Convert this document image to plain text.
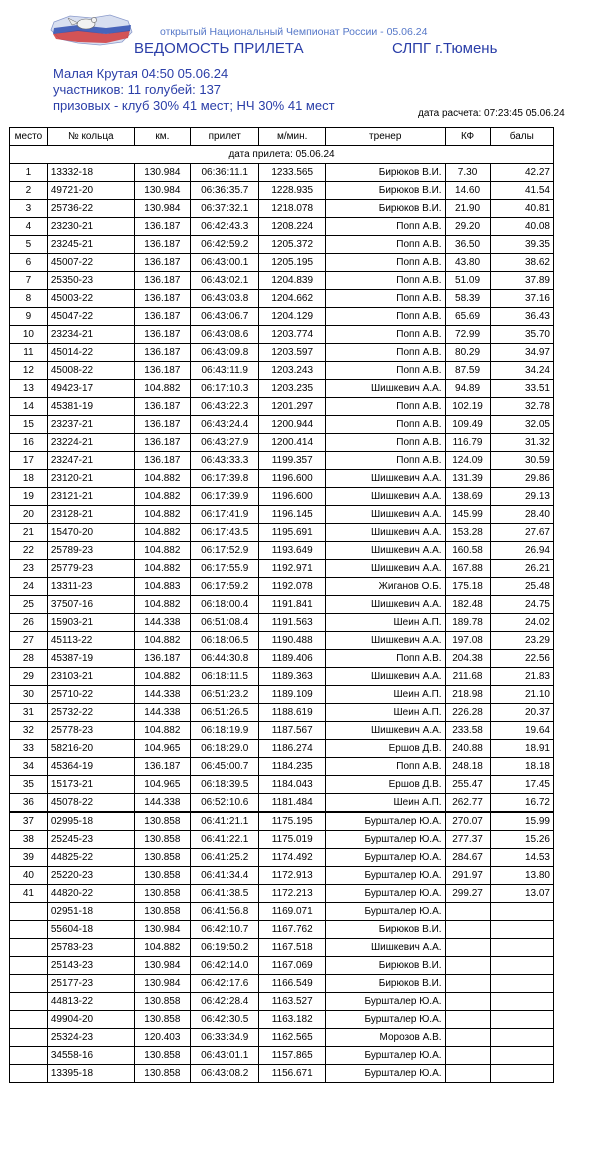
открытый Национальный Чемпионат России - 05.06.24
ВЕДОМОСТЬ ПРИЛЕТА	СЛПГ г.Тюмень
Малая Крутая 04:50 05.06.24
участников: 11 голубей: 137
призовых - клуб 30% 41 мест; НЧ 30% 41 мест
дата расчета: 07:23:45 05.06.24
место	№ кольца	км.	прилет	м/мин.	тренер	КФ	балы
дата прилета: 05.06.24							
1	13332-18	130.984	06:36:11.1	1233.565	Бирюков В.И.	7.30	42.27
2	49721-20	130.984	06:36:35.7	1228.935	Бирюков В.И.	14.60	41.54
3	25736-22	130.984	06:37:32.1	1218.078	Бирюков В.И.	21.90	40.81
4	23230-21	136.187	06:42:43.3	1208.224	Попп А.В.	29.20	40.08
5	23245-21	136.187	06:42:59.2	1205.372	Попп А.В.	36.50	39.35
6	45007-22	136.187	06:43:00.1	1205.195	Попп А.В.	43.80	38.62
7	25350-23	136.187	06:43:02.1	1204.839	Попп А.В.	51.09	37.89
8	45003-22	136.187	06:43:03.8	1204.662	Попп А.В.	58.39	37.16
9	45047-22	136.187	06:43:06.7	1204.129	Попп А.В.	65.69	36.43
10	23234-21	136.187	06:43:08.6	1203.774	Попп А.В.	72.99	35.70
11	45014-22	136.187	06:43:09.8	1203.597	Попп А.В.	80.29	34.97
12	45008-22	136.187	06:43:11.9	1203.243	Попп А.В.	87.59	34.24
13	49423-17	104.882	06:17:10.3	1203.235	Шишкевич А.А.	94.89	33.51
14	45381-19	136.187	06:43:22.3	1201.297	Попп А.В.	102.19	32.78
15	23237-21	136.187	06:43:24.4	1200.944	Попп А.В.	109.49	32.05
16	23224-21	136.187	06:43:27.9	1200.414	Попп А.В.	116.79	31.32
17	23247-21	136.187	06:43:33.3	1199.357	Попп А.В.	124.09	30.59
18	23120-21	104.882	06:17:39.8	1196.600	Шишкевич А.А.	131.39	29.86
19	23121-21	104.882	06:17:39.9	1196.600	Шишкевич А.А.	138.69	29.13
20	23128-21	104.882	06:17:41.9	1196.145	Шишкевич А.А.	145.99	28.40
21	15470-20	104.882	06:17:43.5	1195.691	Шишкевич А.А.	153.28	27.67
22	25789-23	104.882	06:17:52.9	1193.649	Шишкевич А.А.	160.58	26.94
23	25779-23	104.882	06:17:55.9	1192.971	Шишкевич А.А.	167.88	26.21
24	13311-23	104.883	06:17:59.2	1192.078	Жиганов О.Б.	175.18	25.48
25	37507-16	104.882	06:18:00.4	1191.841	Шишкевич А.А.	182.48	24.75
26	15903-21	144.338	06:51:08.4	1191.563	Шеин А.П.	189.78	24.02
27	45113-22	104.882	06:18:06.5	1190.488	Шишкевич А.А.	197.08	23.29
28	45387-19	136.187	06:44:30.8	1189.406	Попп А.В.	204.38	22.56
29	23103-21	104.882	06:18:11.5	1189.363	Шишкевич А.А.	211.68	21.83
30	25710-22	144.338	06:51:23.2	1189.109	Шеин А.П.	218.98	21.10
31	25732-22	144.338	06:51:26.5	1188.619	Шеин А.П.	226.28	20.37
32	25778-23	104.882	06:18:19.9	1187.567	Шишкевич А.А.	233.58	19.64
33	58216-20	104.965	06:18:29.0	1186.274	Ершов Д.В.	240.88	18.91
34	45364-19	136.187	06:45:00.7	1184.235	Попп А.В.	248.18	18.18
35	15173-21	104.965	06:18:39.5	1184.043	Ершов Д.В.	255.47	17.45
36	45078-22	144.338	06:52:10.6	1181.484	Шеин А.П.	262.77	16.72
37	02995-18	130.858	06:41:21.1	1175.195	Бурштaлер Ю.А.	270.07	15.99
38	25245-23	130.858	06:41:22.1	1175.019	Бурштaлер Ю.А.	277.37	15.26
39	44825-22	130.858	06:41:25.2	1174.492	Бурштaлер Ю.А.	284.67	14.53
40	25220-23	130.858	06:41:34.4	1172.913	Бурштaлер Ю.А.	291.97	13.80
41	44820-22	130.858	06:41:38.5	1172.213	Бурштaлер Ю.А.	299.27	13.07
	02951-18	130.858	06:41:56.8	1169.071	Бурштaлер Ю.А.		
	55604-18	130.984	06:42:10.7	1167.762	Бирюков В.И.		
	25783-23	104.882	06:19:50.2	1167.518	Шишкевич А.А.		
	25143-23	130.984	06:42:14.0	1167.069	Бирюков В.И.		
	25177-23	130.984	06:42:17.6	1166.549	Бирюков В.И.		
	44813-22	130.858	06:42:28.4	1163.527	Бурштaлер Ю.А.		
	49904-20	130.858	06:42:30.5	1163.182	Бурштaлер Ю.А.		
	25324-23	120.403	06:33:34.9	1162.565	Морозов А.В.		
	34558-16	130.858	06:43:01.1	1157.865	Бурштaлер Ю.А.		
	13395-18	130.858	06:43:08.2	1156.671	Бурштaлер Ю.А.		
